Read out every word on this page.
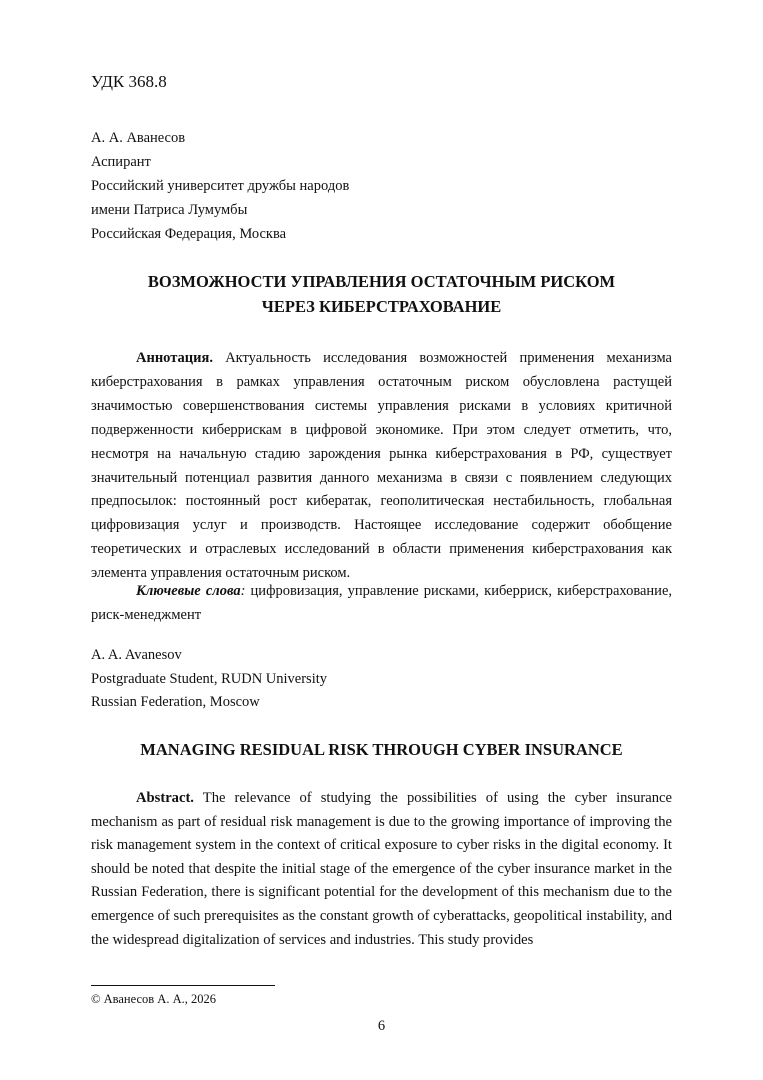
УДК 368.8
А. А. Аванесов
Аспирант
Российский университет дружбы народов
имени Патриса Лумумбы
Российская Федерация, Москва
ВОЗМОЖНОСТИ УПРАВЛЕНИЯ ОСТАТОЧНЫМ РИСКОМ
ЧЕРЕЗ КИБЕРСТРАХОВАНИЕ
Аннотация. Актуальность исследования возможностей применения механизма киберстрахования в рамках управления остаточным риском обусловлена растущей значимостью совершенствования системы управления рисками в условиях критичной подверженности киберрискам в цифровой экономике. При этом следует отметить, что, несмотря на начальную стадию зарождения рынка киберстрахования в РФ, существует значительный потенциал развития данного механизма в связи с появлением следующих предпосылок: постоянный рост кибератак, геополитическая нестабильность, глобальная цифровизация услуг и производств. Настоящее исследование содержит обобщение теоретических и отраслевых исследований в области применения киберстрахования как элемента управления остаточным риском.
Ключевые слова: цифровизация, управление рисками, киберриск, киберстрахование, риск-менеджмент
A. A. Avanesov
Postgraduate Student, RUDN University
Russian Federation, Moscow
MANAGING RESIDUAL RISK THROUGH CYBER INSURANCE
Abstract. The relevance of studying the possibilities of using the cyber insurance mechanism as part of residual risk management is due to the growing importance of improving the risk management system in the context of critical exposure to cyber risks in the digital economy. It should be noted that despite the initial stage of the emergence of the cyber insurance market in the Russian Federation, there is significant potential for the development of this mechanism due to the emergence of such prerequisites as the constant growth of cyberattacks, geopolitical instability, and the widespread digitalization of services and industries. This study provides
© Аванесов А. А., 2026
6
